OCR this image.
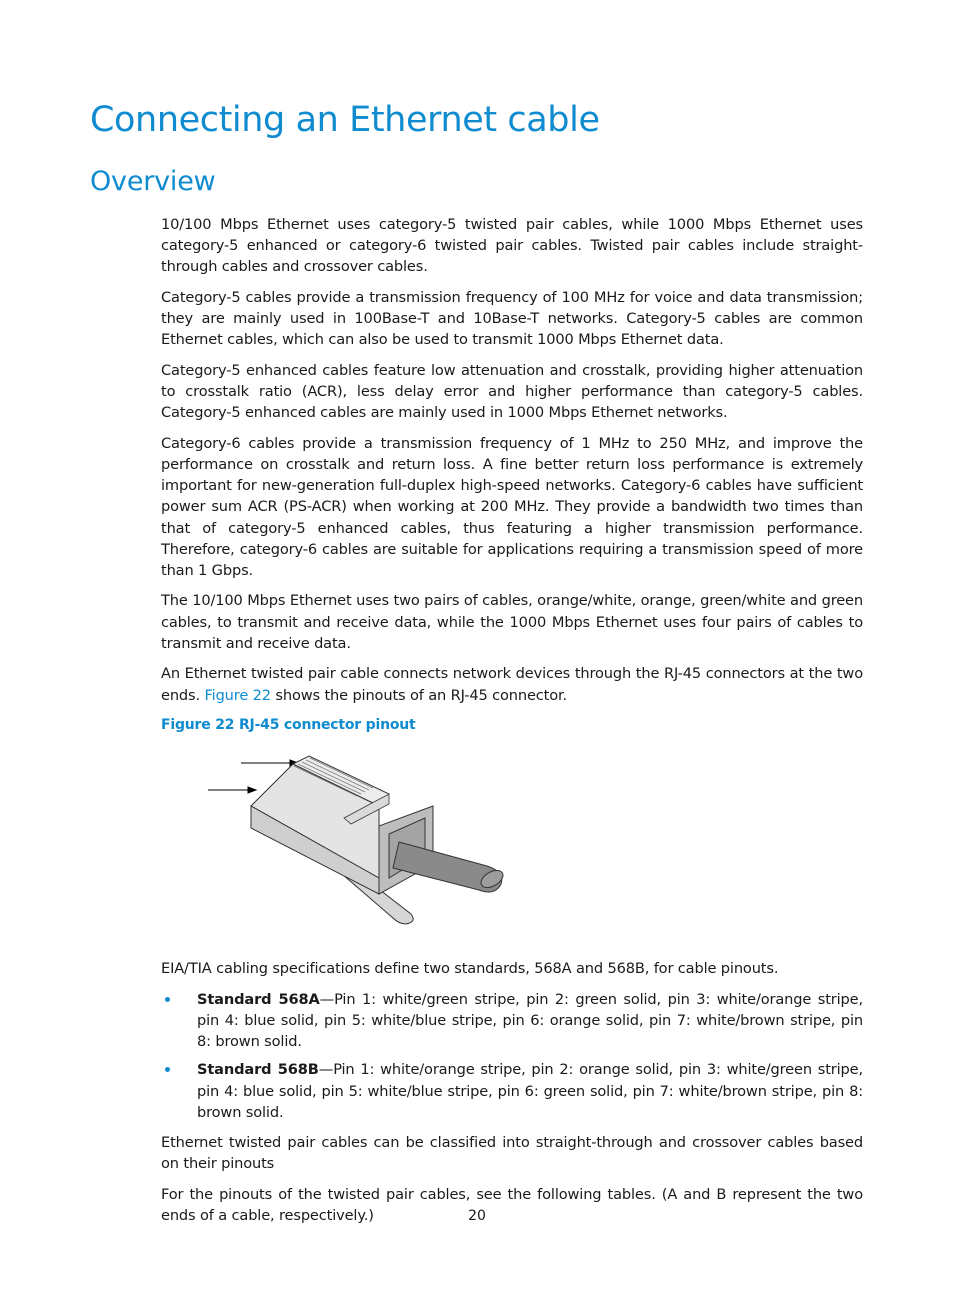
Connecting an Ethernet cable
Overview

10/100 Mbps Ethernet uses category-5 twisted pair cables, while 1000 Mbps Ethernet uses category-5 enhanced or category-6 twisted pair cables. Twisted pair cables include straight-through cables and crossover cables.

Category-5 cables provide a transmission frequency of 100 MHz for voice and data transmission; they are mainly used in 100Base-T and 10Base-T networks. Category-5 cables are common Ethernet cables, which can also be used to transmit 1000 Mbps Ethernet data.

Category-5 enhanced cables feature low attenuation and crosstalk, providing higher attenuation to crosstalk ratio (ACR), less delay error and higher performance than category-5 cables. Category-5 enhanced cables are mainly used in 1000 Mbps Ethernet networks.

Category-6 cables provide a transmission frequency of 1 MHz to 250 MHz, and improve the performance on crosstalk and return loss. A fine better return loss performance is extremely important for new-generation full-duplex high-speed networks. Category-6 cables have sufficient power sum ACR (PS-ACR) when working at 200 MHz. They provide a bandwidth two times than that of category-5 enhanced cables, thus featuring a higher transmission performance. Therefore, category-6 cables are suitable for applications requiring a transmission speed of more than 1 Gbps.

The 10/100 Mbps Ethernet uses two pairs of cables, orange/white, orange, green/white and green cables, to transmit and receive data, while the 1000 Mbps Ethernet uses four pairs of cables to transmit and receive data.

An Ethernet twisted pair cable connects network devices through the RJ-45 connectors at the two ends. Figure 22 shows the pinouts of an RJ-45 connector.

Figure 22 RJ-45 connector pinout

EIA/TIA cabling specifications define two standards, 568A and 568B, for cable pinouts.

Standard 568A—Pin 1: white/green stripe, pin 2: green solid, pin 3: white/orange stripe, pin 4: blue solid, pin 5: white/blue stripe, pin 6: orange solid, pin 7: white/brown stripe, pin 8: brown solid.
Standard 568B—Pin 1: white/orange stripe, pin 2: orange solid, pin 3: white/green stripe, pin 4: blue solid, pin 5: white/blue stripe, pin 6: green solid, pin 7: white/brown stripe, pin 8: brown solid.

Ethernet twisted pair cables can be classified into straight-through and crossover cables based on their pinouts

For the pinouts of the twisted pair cables, see the following tables. (A and B represent the two ends of a cable, respectively.)	20
